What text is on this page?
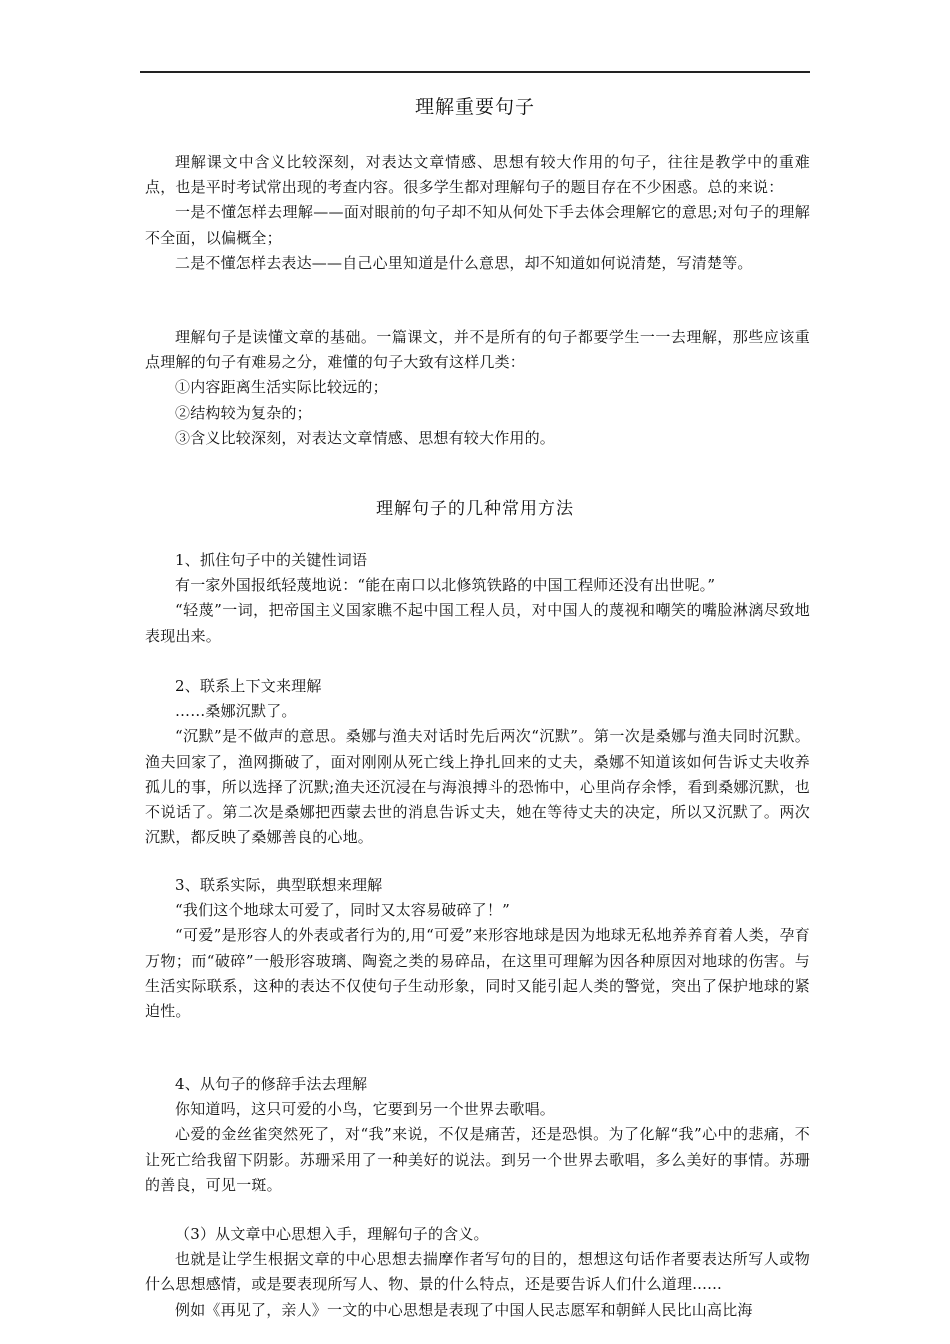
理解重要句子

理解课文中含义比较深刻，对表达文章情感、思想有较大作用的句子，往往是教学中的重难点，也是平时考试常出现的考查内容。很多学生都对理解句子的题目存在不少困惑。总的来说：

一是不懂怎样去理解——面对眼前的句子却不知从何处下手去体会理解它的意思;对句子的理解不全面，以偏概全；

二是不懂怎样去表达——自己心里知道是什么意思，却不知道如何说清楚，写清楚等。

理解句子是读懂文章的基础。一篇课文，并不是所有的句子都要学生一一去理解，那些应该重点理解的句子有难易之分，难懂的句子大致有这样几类：

①内容距离生活实际比较远的；

②结构较为复杂的；

③含义比较深刻，对表达文章情感、思想有较大作用的。

理解句子的几种常用方法

1、抓住句子中的关键性词语

有一家外国报纸轻蔑地说：“能在南口以北修筑铁路的中国工程师还没有出世呢。”

“轻蔑”一词，把帝国主义国家瞧不起中国工程人员，对中国人的蔑视和嘲笑的嘴脸淋漓尽致地表现出来。

2、联系上下文来理解

……桑娜沉默了。

“沉默”是不做声的意思。桑娜与渔夫对话时先后两次“沉默”。第一次是桑娜与渔夫同时沉默。渔夫回家了，渔网撕破了，面对刚刚从死亡线上挣扎回来的丈夫，桑娜不知道该如何告诉丈夫收养孤儿的事，所以选择了沉默;渔夫还沉浸在与海浪搏斗的恐怖中，心里尚存余悸，看到桑娜沉默，也不说话了。第二次是桑娜把西蒙去世的消息告诉丈夫，她在等待丈夫的决定，所以又沉默了。两次沉默，都反映了桑娜善良的心地。

3、联系实际，典型联想来理解

“我们这个地球太可爱了，同时又太容易破碎了！”

“可爱”是形容人的外表或者行为的,用“可爱”来形容地球是因为地球无私地养养育着人类，孕育万物；而“破碎”一般形容玻璃、陶瓷之类的易碎品，在这里可理解为因各种原因对地球的伤害。与生活实际联系，这种的表达不仅使句子生动形象，同时又能引起人类的警觉，突出了保护地球的紧迫性。

4、从句子的修辞手法去理解

你知道吗，这只可爱的小鸟，它要到另一个世界去歌唱。

心爱的金丝雀突然死了，对“我”来说，不仅是痛苦，还是恐惧。为了化解“我”心中的悲痛，不让死亡给我留下阴影。苏珊采用了一种美好的说法。到另一个世界去歌唱，多么美好的事情。苏珊的善良，可见一斑。

（3）从文章中心思想入手，理解句子的含义。

也就是让学生根据文章的中心思想去揣摩作者写句的目的，想想这句话作者要表达所写人或物什么思想感情，或是要表现所写人、物、景的什么特点，还是要告诉人们什么道理......

例如《再见了，亲人》一文的中心思想是表现了中国人民志愿军和朝鲜人民比山高比海
